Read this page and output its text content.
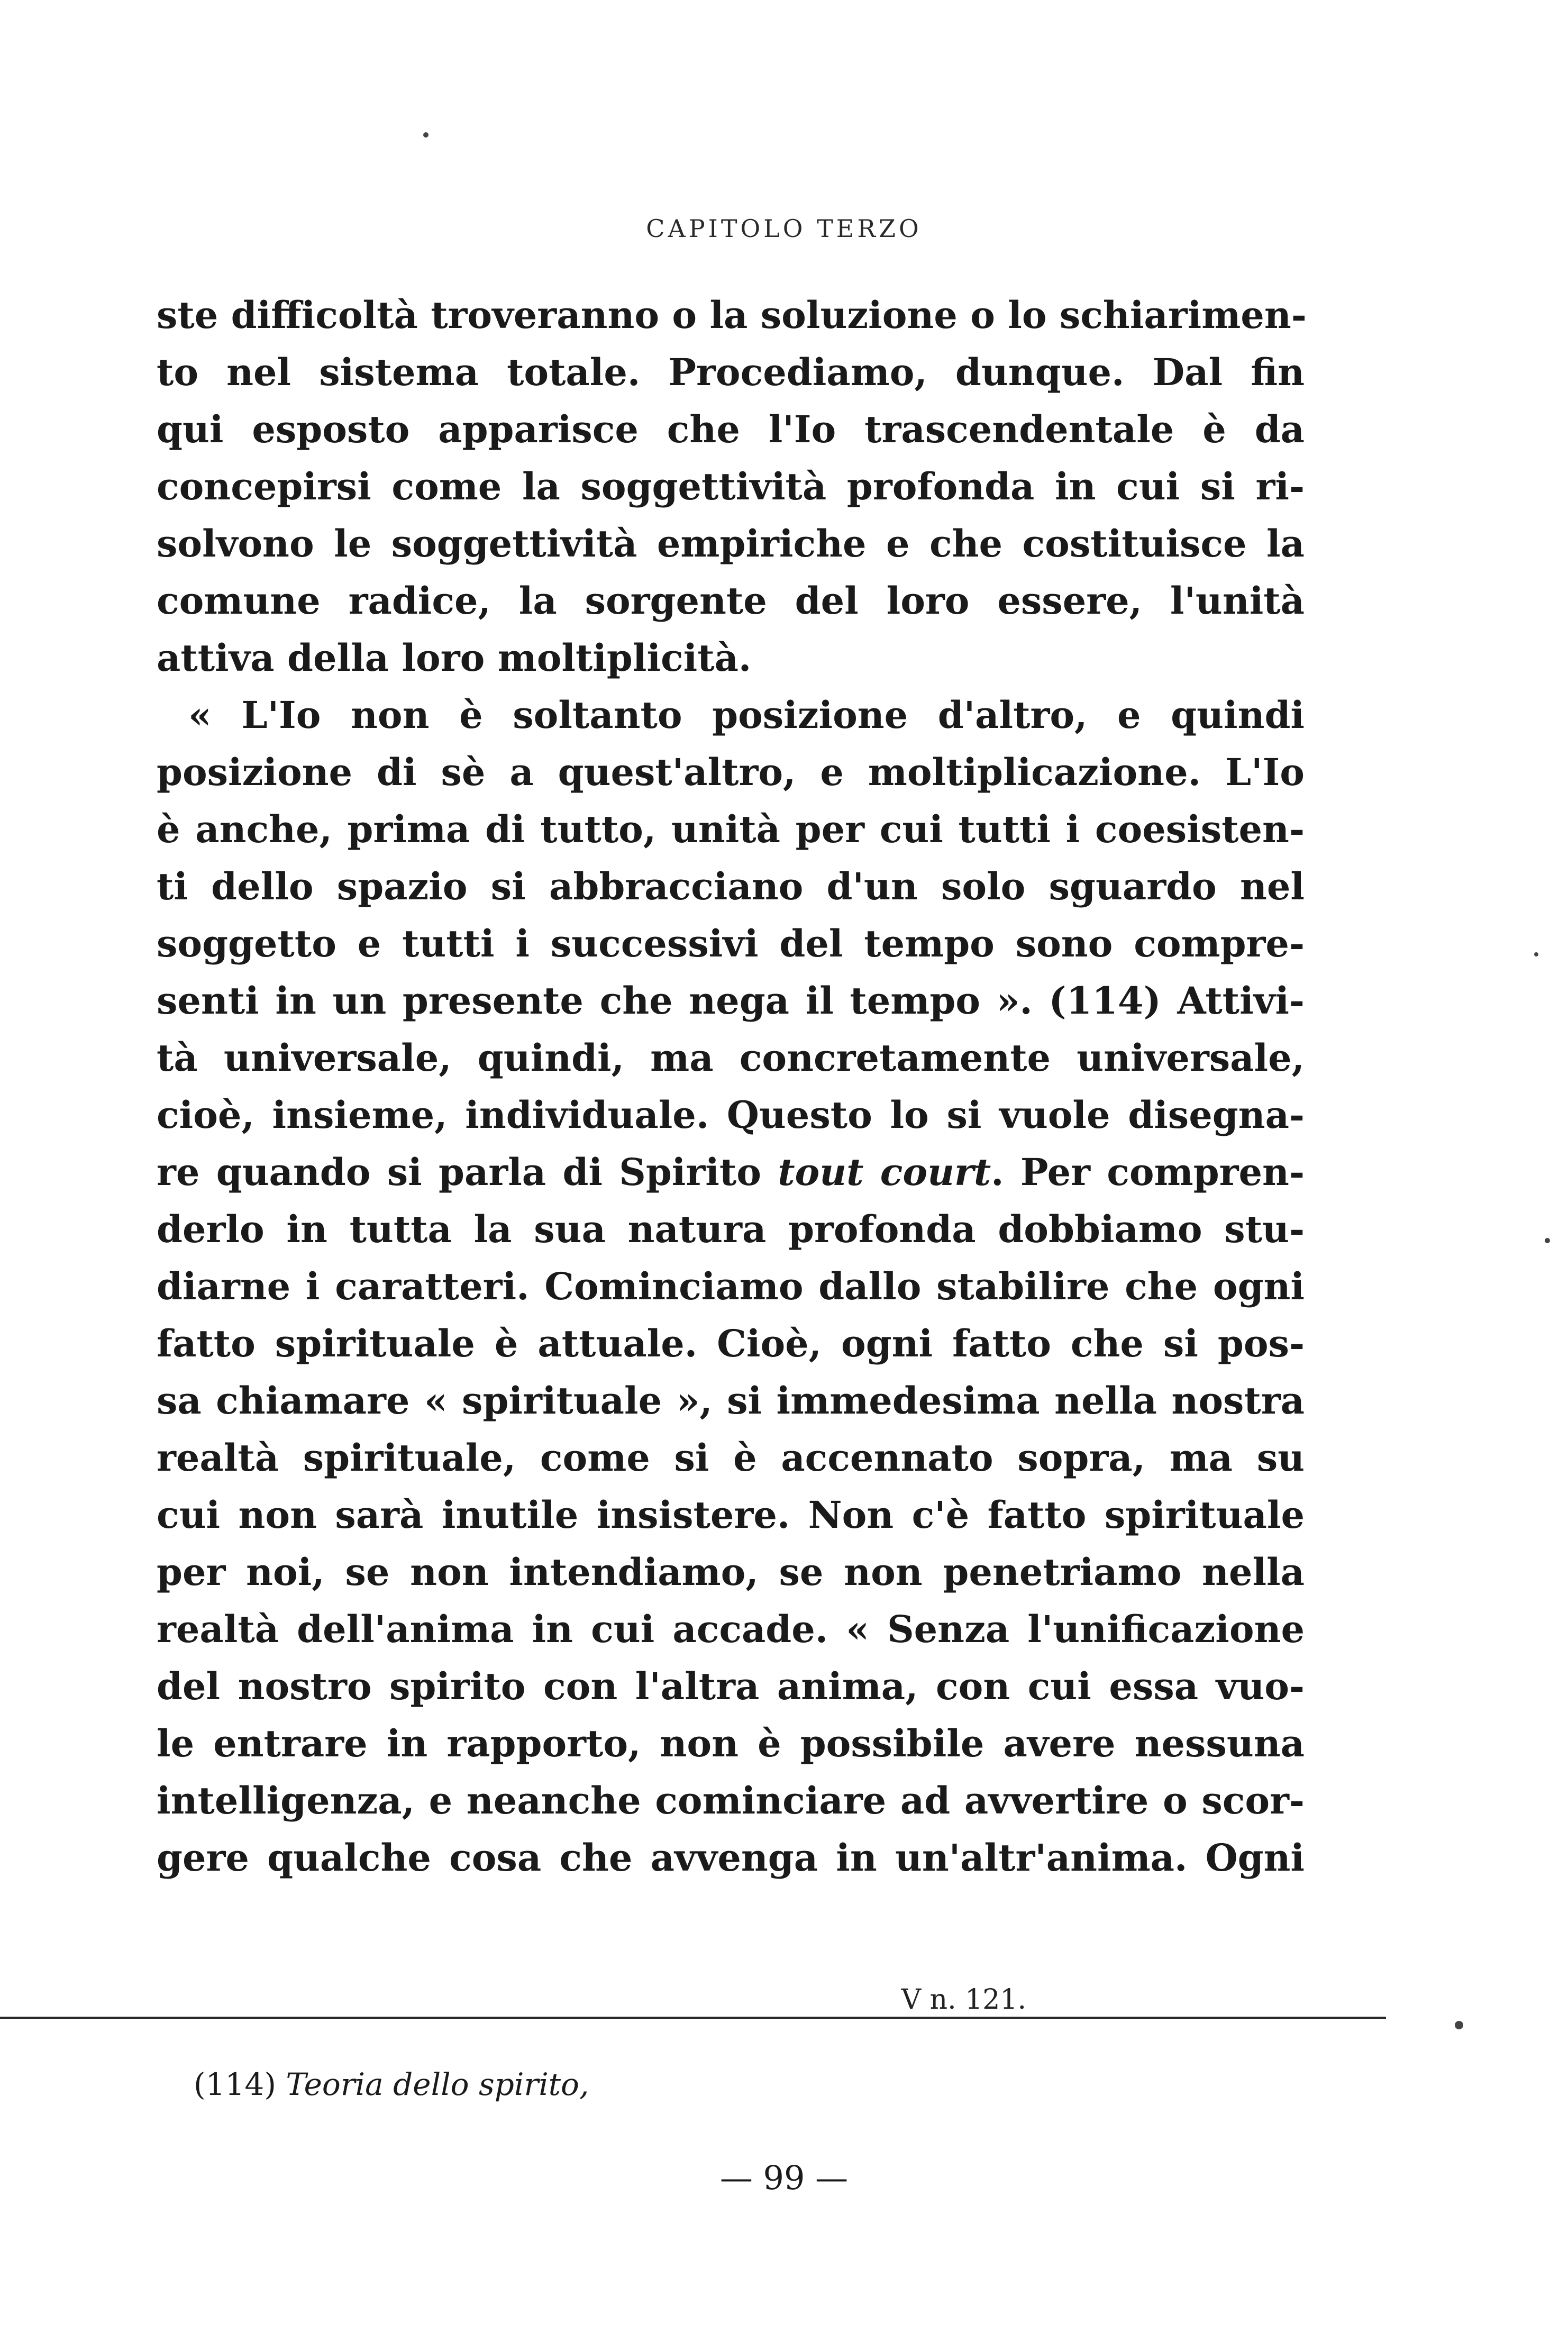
CAPITOLO TERZO
ste difficoltà troveranno o la soluzione o lo schiarimen-
to nel sistema totale. Procediamo, dunque. Dal fin
qui esposto apparisce che l'Io trascendentale è da
concepirsi come la soggettività profonda in cui si ri-
solvono le soggettività empiriche e che costituisce la
comune radice, la sorgente del loro essere, l'unità
attiva della loro moltiplicità.
« L'Io non è soltanto posizione d'altro, e quindi
posizione di sè a quest'altro, e moltiplicazione. L'Io
è anche, prima di tutto, unità per cui tutti i coesisten-
ti dello spazio si abbracciano d'un solo sguardo nel
soggetto e tutti i successivi del tempo sono compre-
senti in un presente che nega il tempo ». (114) Attivi-
tà universale, quindi, ma concretamente universale,
cioè, insieme, individuale. Questo lo si vuole disegna-
re quando si parla di Spirito tout court. Per compren-
derlo in tutta la sua natura profonda dobbiamo stu-
diarne i caratteri. Cominciamo dallo stabilire che ogni
fatto spirituale è attuale. Cioè, ogni fatto che si pos-
sa chiamare « spirituale », si immedesima nella nostra
realtà spirituale, come si è accennato sopra, ma su
cui non sarà inutile insistere. Non c'è fatto spirituale
per noi, se non intendiamo, se non penetriamo nella
realtà dell'anima in cui accade. « Senza l'unificazione
del nostro spirito con l'altra anima, con cui essa vuo-
le entrare in rapporto, non è possibile avere nessuna
intelligenza, e neanche cominciare ad avvertire o scor-
gere qualche cosa che avvenga in un'altr'anima. Ogni
V n. 121.
(114) Teoria dello spirito,
— 99 —
